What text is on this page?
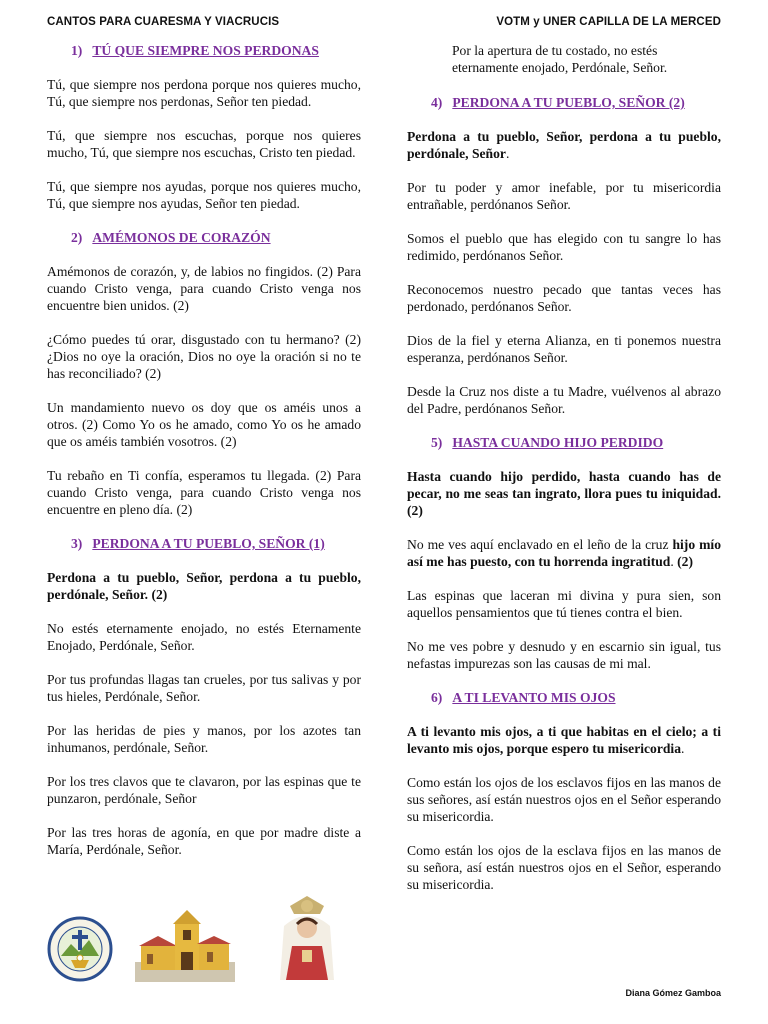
CANTOS PARA CUARESMA Y VIACRUCIS	VOTM y UNER CAPILLA DE LA MERCED
1) TÚ QUE SIEMPRE NOS PERDONAS

Tú, que siempre nos perdona porque nos quieres mucho, Tú, que siempre nos perdonas, Señor ten piedad.

Tú, que siempre nos escuchas, porque nos quieres mucho, Tú, que siempre nos escuchas, Cristo ten piedad.

Tú, que siempre nos ayudas, porque nos quieres mucho, Tú, que siempre nos ayudas, Señor ten piedad.

2) AMÉMONOS DE CORAZÓN

Amémonos de corazón, y, de labios no fingidos. (2) Para cuando Cristo venga, para cuando Cristo venga nos encuentre bien unidos. (2)

¿Cómo puedes tú orar, disgustado con tu hermano? (2) ¿Dios no oye la oración, Dios no oye la oración si no te has reconciliado? (2)

Un mandamiento nuevo os doy que os améis unos a otros. (2) Como Yo os he amado, como Yo os he amado que os améis también vosotros. (2)

Tu rebaño en Ti confía, esperamos tu llegada. (2) Para cuando Cristo venga, para cuando Cristo venga nos encuentre en pleno día. (2)

3) PERDONA A TU PUEBLO, SEÑOR (1)

Perdona a tu pueblo, Señor, perdona a tu pueblo, perdónale, Señor. (2)

No estés eternamente enojado, no estés Eternamente Enojado, Perdónale, Señor.

Por tus profundas llagas tan crueles, por tus salivas y por tus hieles, Perdónale, Señor.

Por las heridas de pies y manos, por los azotes tan inhumanos, perdónale, Señor.

Por los tres clavos que te clavaron, por las espinas que te punzaron, perdónale, Señor

Por las tres horas de agonía, en que por madre diste a María, Perdónale, Señor.

Por la apertura de tu costado, no estés eternamente enojado, Perdónale, Señor.

4) PERDONA A TU PUEBLO, SEÑOR (2)

Perdona a tu pueblo, Señor, perdona a tu pueblo, perdónale, Señor.

Por tu poder y amor inefable, por tu misericordia entrañable, perdónanos Señor.

Somos el pueblo que has elegido con tu sangre lo has redimido, perdónanos Señor.

Reconocemos nuestro pecado que tantas veces has perdonado, perdónanos Señor.

Dios de la fiel y eterna Alianza, en ti ponemos nuestra esperanza, perdónanos Señor.

Desde la Cruz nos diste a tu Madre, vuélvenos al abrazo del Padre, perdónanos Señor.

5) HASTA CUANDO HIJO PERDIDO

Hasta cuando hijo perdido, hasta cuando has de pecar, no me seas tan ingrato, llora pues tu iniquidad. (2)

No me ves aquí enclavado en el leño de la cruz hijo mío así me has puesto, con tu horrenda ingratitud. (2)

Las espinas que laceran mi divina y pura sien, son aquellos pensamientos que tú tienes contra el bien.

No me ves pobre y desnudo y en escarnio sin igual, tus nefastas impurezas son las causas de mi mal.

6) A TI LEVANTO MIS OJOS

A ti levanto mis ojos, a ti que habitas en el cielo; a ti levanto mis ojos, porque espero tu misericordia.

Como están los ojos de los esclavos fijos en las manos de sus señores, así están nuestros ojos en el Señor esperando su misericordia.

Como están los ojos de la esclava fijos en las manos de su señora, así están nuestros ojos en el Señor, esperando su misericordia.

Diana Gómez Gamboa
